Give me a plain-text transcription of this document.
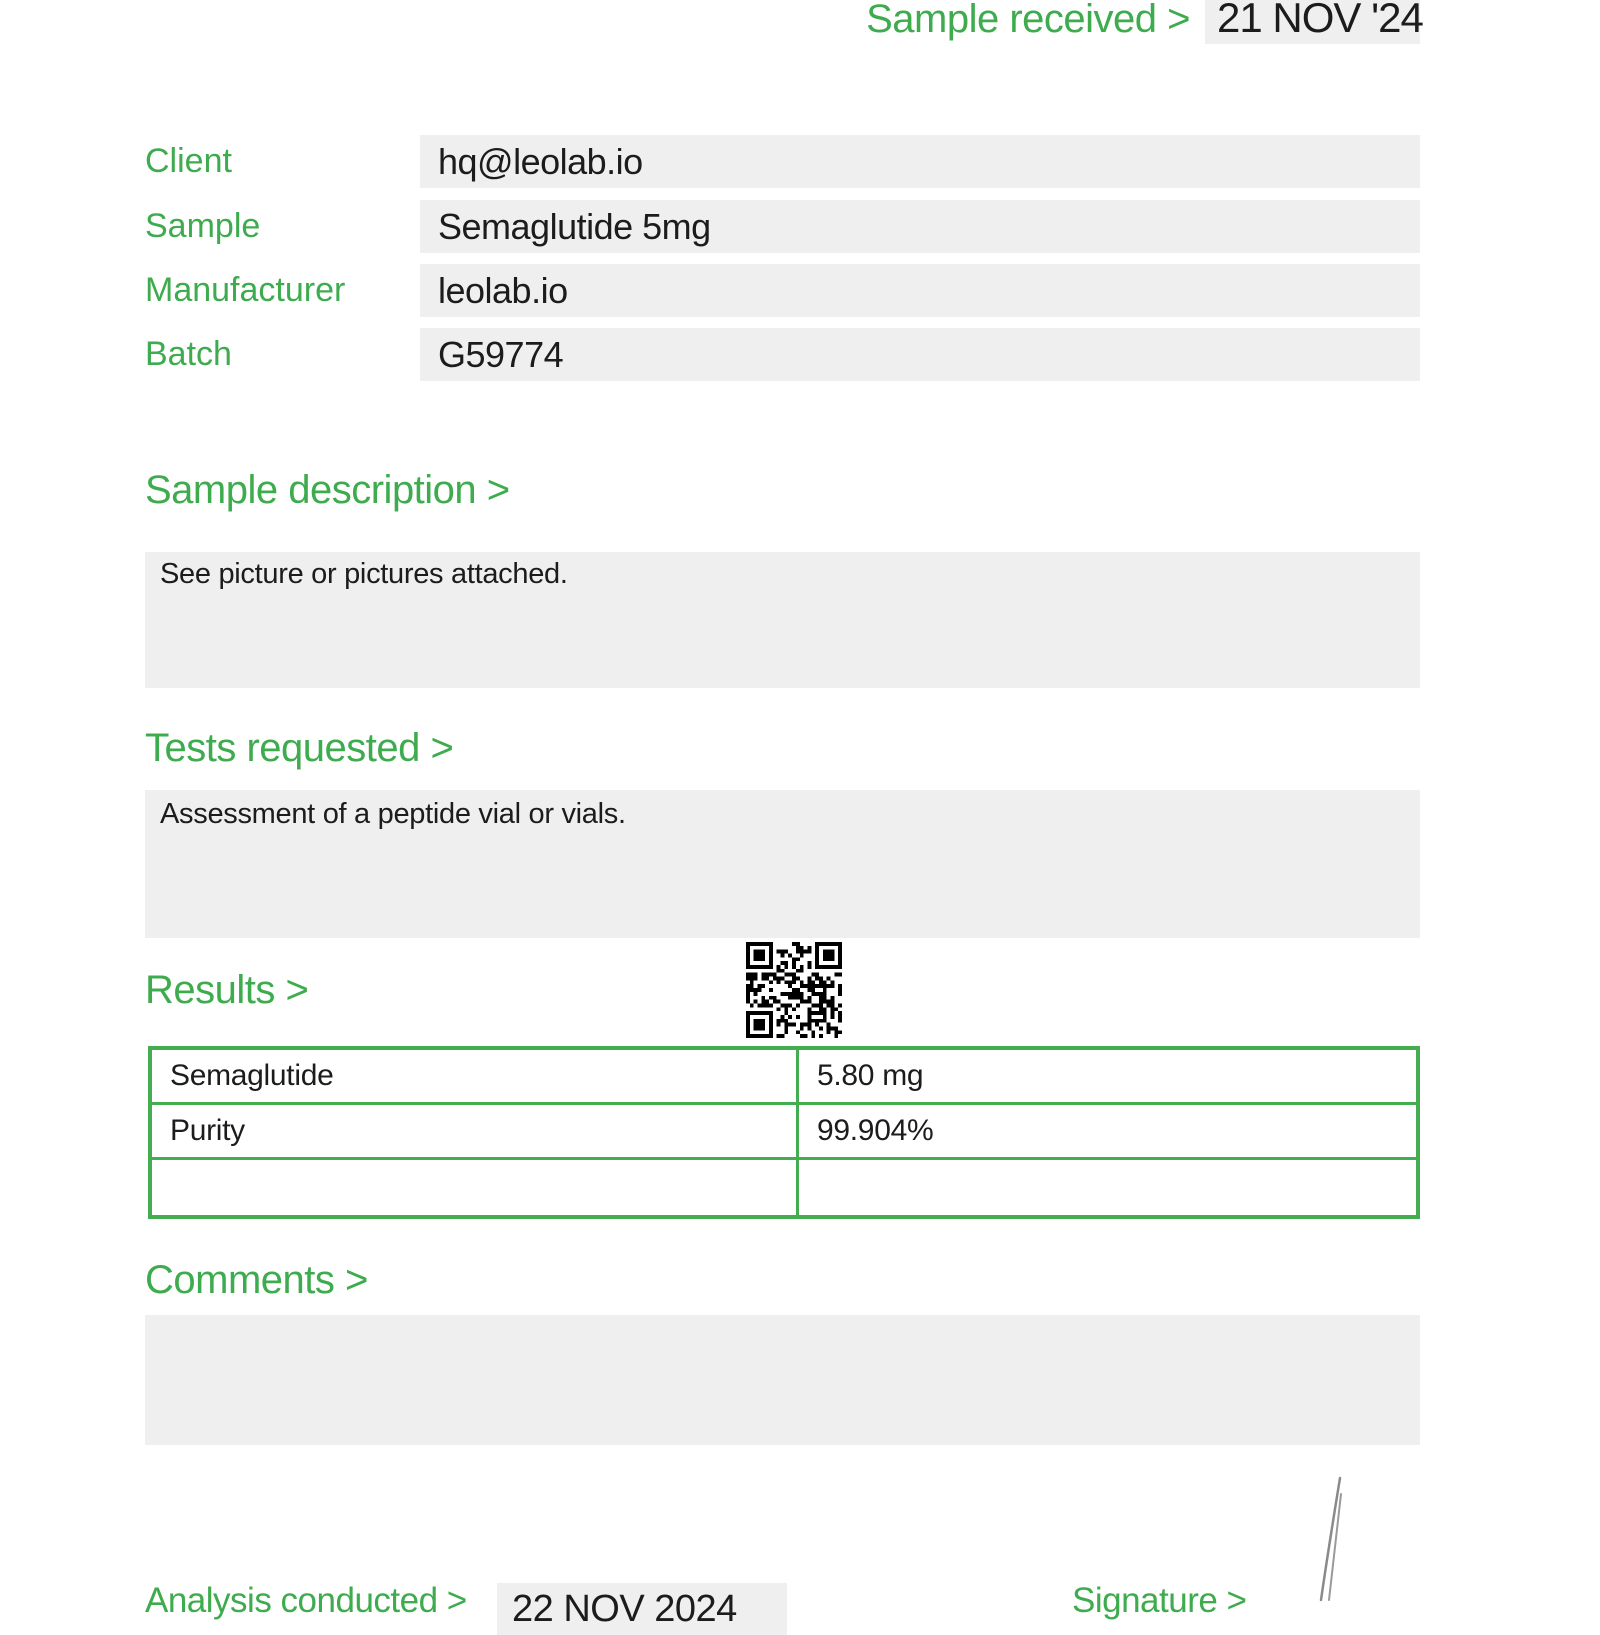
Sample received > 21 NOV '24
Client	hq@leolab.io
Sample	Semaglutide 5mg
Manufacturer	leolab.io
Batch	G59774
Sample description >
See picture or pictures attached.
Tests requested >
Assessment of a peptide vial or vials.
Results >
Semaglutide	5.80 mg
Purity	99.904%
Comments >
Analysis conducted > 22 NOV 2024	Signature >
